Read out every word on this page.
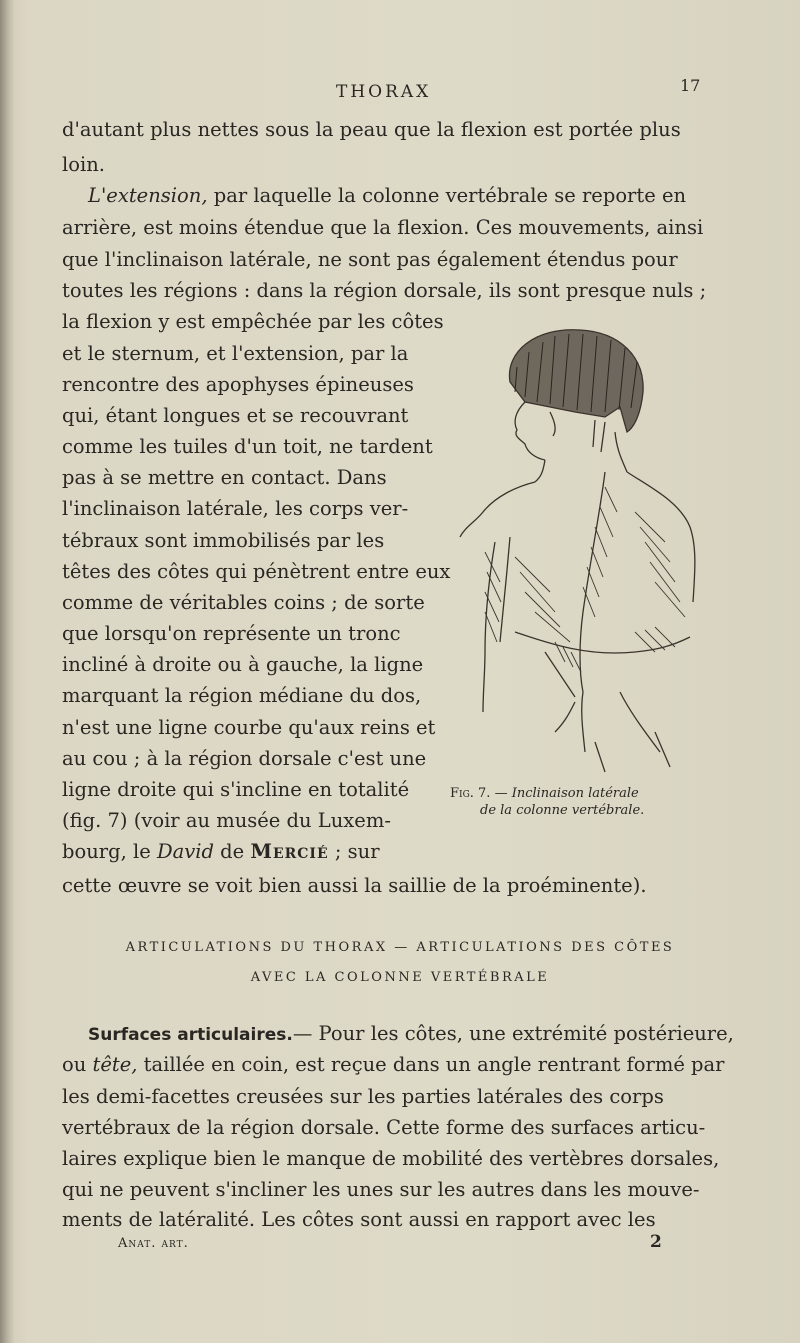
THORAX	17
d'autant plus nettes sous la peau que la flexion est portée plus
loin.
L'extension, par laquelle la colonne vertébrale se reporte en
arrière, est moins étendue que la flexion. Ces mouvements, ainsi
que l'inclinaison latérale, ne sont pas également étendus pour
toutes les régions : dans la région dorsale, ils sont presque nuls ;
la flexion y est empêchée par les côtes
et le sternum, et l'extension, par la
rencontre des apophyses épineuses
qui, étant longues et se recouvrant
comme les tuiles d'un toit, ne tardent
pas à se mettre en contact. Dans
l'inclinaison latérale, les corps ver-
tébraux sont immobilisés par les
têtes des côtes qui pénètrent entre eux
comme de véritables coins ; de sorte
que lorsqu'on représente un tronc
incliné à droite ou à gauche, la ligne
marquant la région médiane du dos,
n'est une ligne courbe qu'aux reins et
au cou ; à la région dorsale c'est une
ligne droite qui s'incline en totalité
(fig. 7) (voir au musée du Luxem-
bourg, le David de Mercié ; sur
Fig. 7. — Inclinaison latérale
de la colonne vertébrale.
cette œuvre se voit bien aussi la saillie de la proéminente).
ARTICULATIONS DU THORAX — ARTICULATIONS DES CÔTES
AVEC LA COLONNE VERTÉBRALE
Surfaces articulaires.— Pour les côtes, une extrémité postérieure,
ou tête, taillée en coin, est reçue dans un angle rentrant formé par
les demi-facettes creusées sur les parties latérales des corps
vertébraux de la région dorsale. Cette forme des surfaces articu-
laires explique bien le manque de mobilité des vertèbres dorsales,
qui ne peuvent s'incliner les unes sur les autres dans les mouve-
ments de latéralité. Les côtes sont aussi en rapport avec les
Anat. art.	2
